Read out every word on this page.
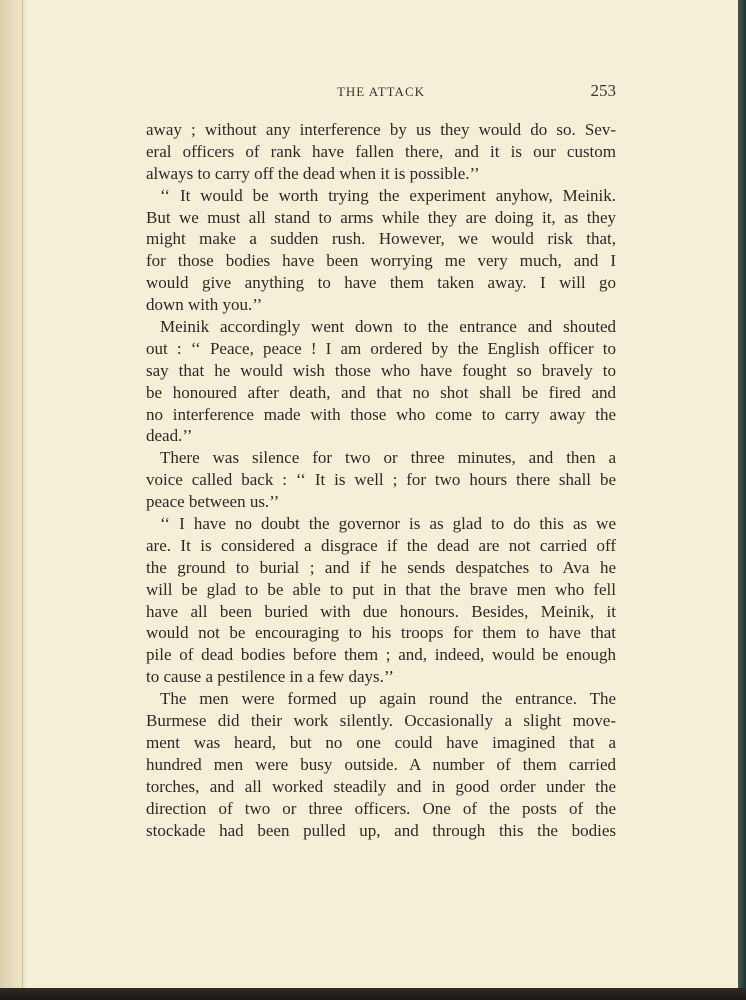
THE ATTACK	253
away ; without any interference by us they would do so. Sev-
eral officers of rank have fallen there, and it is our custom
always to carry off the dead when it is possible.’’
‘‘ It would be worth trying the experiment anyhow, Meinik.
But we must all stand to arms while they are doing it, as they
might make a sudden rush. However, we would risk that,
for those bodies have been worrying me very much, and I
would give anything to have them taken away. I will go
down with you.’’
Meinik accordingly went down to the entrance and shouted
out : ‘‘ Peace, peace ! I am ordered by the English officer to
say that he would wish those who have fought so bravely to
be honoured after death, and that no shot shall be fired and
no interference made with those who come to carry away the
dead.’’
There was silence for two or three minutes, and then a
voice called back : ‘‘ It is well ; for two hours there shall be
peace between us.’’
‘‘ I have no doubt the governor is as glad to do this as we
are. It is considered a disgrace if the dead are not carried off
the ground to burial ; and if he sends despatches to Ava he
will be glad to be able to put in that the brave men who fell
have all been buried with due honours. Besides, Meinik, it
would not be encouraging to his troops for them to have that
pile of dead bodies before them ; and, indeed, would be enough
to cause a pestilence in a few days.’’
The men were formed up again round the entrance. The
Burmese did their work silently. Occasionally a slight move-
ment was heard, but no one could have imagined that a
hundred men were busy outside. A number of them carried
torches, and all worked steadily and in good order under the
direction of two or three officers. One of the posts of the
stockade had been pulled up, and through this the bodies
